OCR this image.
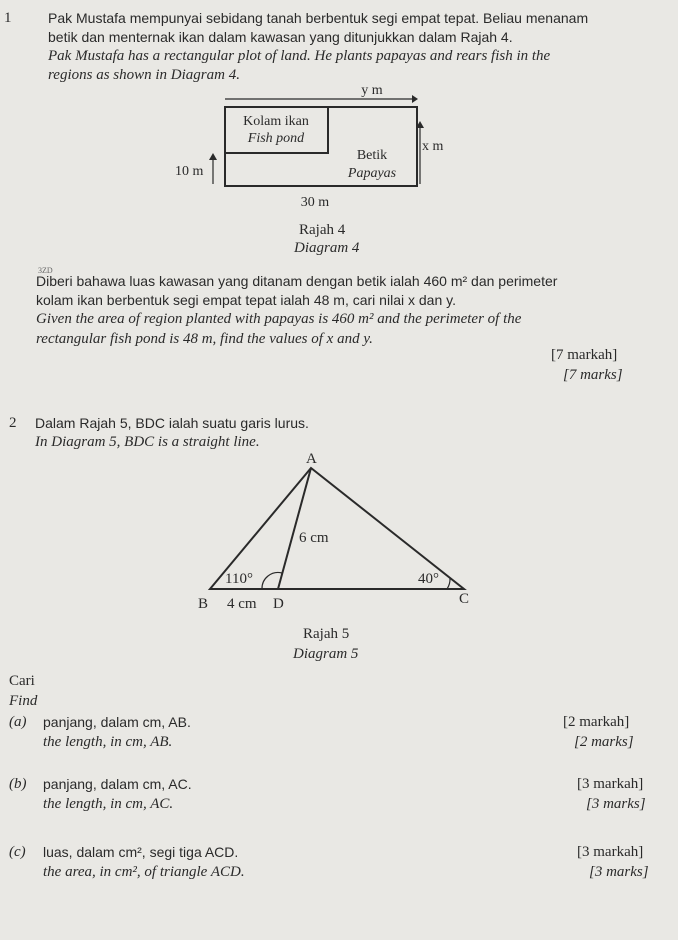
1	Pak Mustafa mempunyai sebidang tanah berbentuk segi empat tepat. Beliau menanam
betik dan menternak ikan dalam kawasan yang ditunjukkan dalam Rajah 4.
Pak Mustafa has a rectangular plot of land. He plants papayas and rears fish in the
regions as shown in Diagram 4.
y m
Kolam ikan
Fish pond
Betik
Papayas
x m
10 m
30 m
Rajah 4
Diagram 4
3ZD
Diberi bahawa luas kawasan yang ditanam dengan betik ialah 460 m² dan perimeter
kolam ikan berbentuk segi empat tepat ialah 48 m, cari nilai x dan y.
Given the area of region planted with papayas is 460 m² and the perimeter of the
rectangular fish pond is 48 m, find the values of x and y.
[7 markah]
[7 marks]
2 Dalam Rajah 5, BDC ialah suatu garis lurus.
In Diagram 5, BDC is a straight line.
A
6 cm
110°	40°
B 4 cm D	C
Rajah 5
Diagram 5
Cari
Find
(a) panjang, dalam cm, AB.
the length, in cm, AB.
[2 markah]
[2 marks]
(b) panjang, dalam cm, AC.
the length, in cm, AC.
[3 markah]
[3 marks]
(c) luas, dalam cm², segi tiga ACD.
the area, in cm², of triangle ACD.
[3 markah]
[3 marks]
